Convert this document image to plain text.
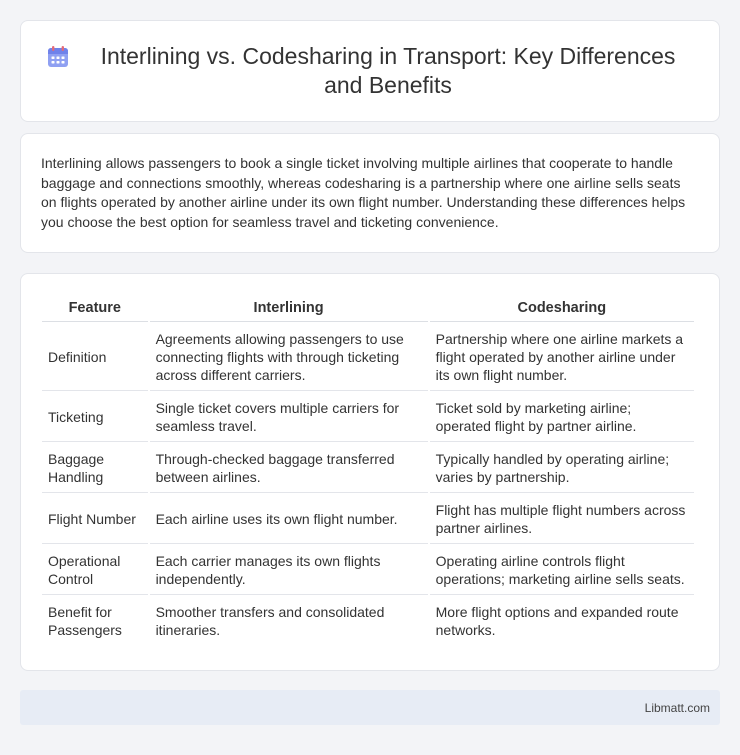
Interlining vs. Codesharing in Transport: Key Differences and Benefits

Interlining allows passengers to book a single ticket involving multiple airlines that cooperate to handle baggage and connections smoothly, whereas codesharing is a partnership where one airline sells seats on flights operated by another airline under its own flight number. Understanding these differences helps you choose the best option for seamless travel and ticketing convenience.

Feature	Interlining	Codesharing
Definition	Agreements allowing passengers to use connecting flights with through ticketing across different carriers.	Partnership where one airline markets a flight operated by another airline under its own flight number.
Ticketing	Single ticket covers multiple carriers for seamless travel.	Ticket sold by marketing airline; operated flight by partner airline.
Baggage Handling	Through-checked baggage transferred between airlines.	Typically handled by operating airline; varies by partnership.
Flight Number	Each airline uses its own flight number.	Flight has multiple flight numbers across partner airlines.
Operational Control	Each carrier manages its own flights independently.	Operating airline controls flight operations; marketing airline sells seats.
Benefit for Passengers	Smoother transfers and consolidated itineraries.	More flight options and expanded route networks.
Libmatt.com
